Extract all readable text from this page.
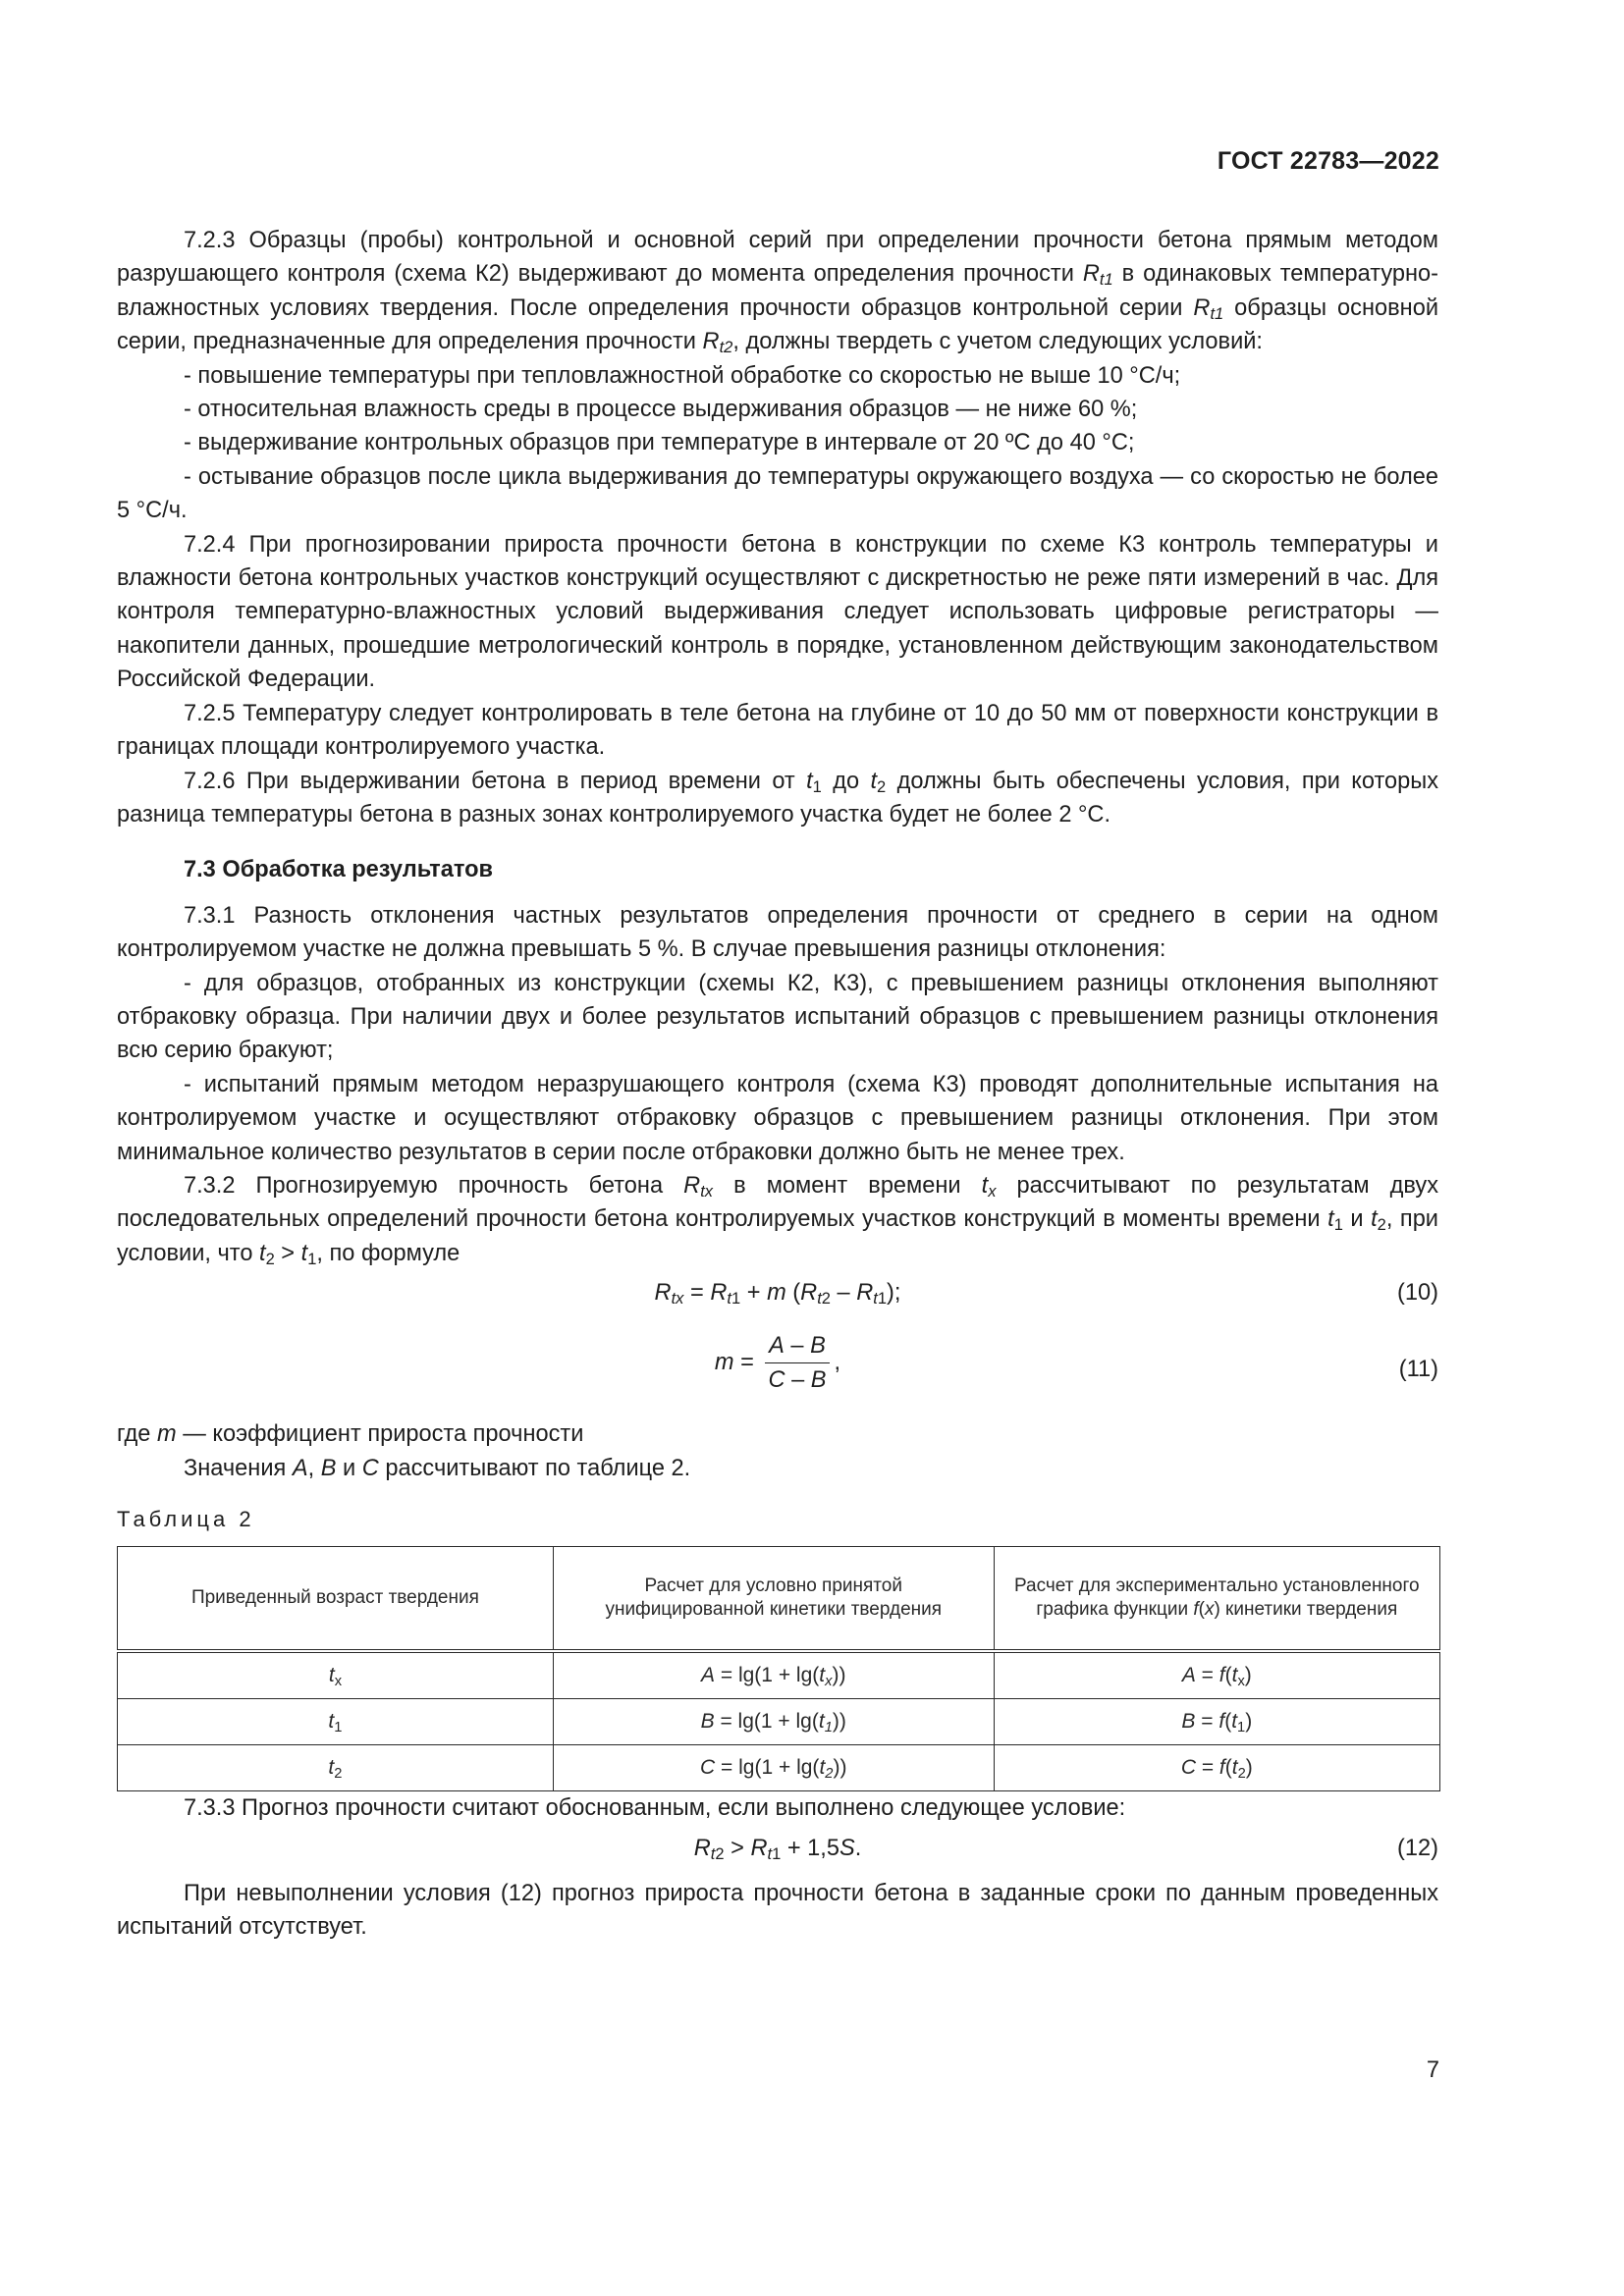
ГОСТ 22783—2022

7.2.3 Образцы (пробы) контрольной и основной серий при определении прочности бетона прямым методом разрушающего контроля (схема К2) выдерживают до момента определения прочности $R_{t1}$ в одинаковых температурно-влажностных условиях твердения. После определения прочности образцов контрольной серии $R_{t1}$ образцы основной серии, предназначенные для определения прочности $R_{t2}$, должны твердеть с учетом следующих условий:

- повышение температуры при тепловлажностной обработке со скоростью не выше 10 °С/ч;

- относительная влажность среды в процессе выдерживания образцов — не ниже 60 %;

- выдерживание контрольных образцов при температуре в интервале от 20 ºС до 40 °С;

- остывание образцов после цикла выдерживания до температуры окружающего воздуха — со скоростью не более 5 °С/ч.

7.2.4 При прогнозировании прироста прочности бетона в конструкции по схеме К3 контроль температуры и влажности бетона контрольных участков конструкций осуществляют с дискретностью не реже пяти измерений в час. Для контроля температурно-влажностных условий выдерживания следует использовать цифровые регистраторы — накопители данных, прошедшие метрологический контроль в порядке, установленном действующим законодательством Российской Федерации.

7.2.5 Температуру следует контролировать в теле бетона на глубине от 10 до 50 мм от поверхности конструкции в границах площади контролируемого участка.

7.2.6 При выдерживании бетона в период времени от $t_1$ до $t_2$ должны быть обеспечены условия, при которых разница температуры бетона в разных зонах контролируемого участка будет не более 2 °С.

7.3 Обработка результатов

7.3.1 Разность отклонения частных результатов определения прочности от среднего в серии на одном контролируемом участке не должна превышать 5 %. В случае превышения разницы отклонения:

- для образцов, отобранных из конструкции (схемы К2, К3), с превышением разницы отклонения выполняют отбраковку образца. При наличии двух и более результатов испытаний образцов с превышением разницы отклонения всю серию бракуют;

- испытаний прямым методом неразрушающего контроля (схема К3) проводят дополнительные испытания на контролируемом участке и осуществляют отбраковку образцов с превышением разницы отклонения. При этом минимальное количество результатов в серии после отбраковки должно быть не менее трех.

7.3.2 Прогнозируемую прочность бетона $R_{tx}$ в момент времени $t_x$ рассчитывают по результатам двух последовательных определений прочности бетона контролируемых участков конструкций в моменты времени $t_1$ и $t_2$, при условии, что $t_2 > t_1$, по формуле

$R_{tx} = R_{t1} + m$ $(R_{t2} - R_{t1})$;	(10)
$m = \frac{A - B}{C - B}$ ,	(11)

где m — коэффициент прироста прочности

Значения A, B и C рассчитывают по таблице 2.

Таблица 2
Приведенный возраст твердения	Расчет для условно принятой унифицированной кинетики твердения	Расчет для экспериментально установленного графика функции f(x) кинетики твердения
$t_x$	$A = \lg(1 + \lg(t_x))$	$A = f(t_x)$
$t_1$	$B = \lg(1 + \lg(t_1))$	$B = f(t_1)$
$t_2$	$C = \lg(1 + \lg(t_2))$	$C = f(t_2)$

7.3.3 Прогноз прочности считают обоснованным, если выполнено следующее условие:

$R_{t2} > R_{t1} + 1,5S$.	(12)

При невыполнении условия (12) прогноз прироста прочности бетона в заданные сроки по данным проведенных испытаний отсутствует.

7
